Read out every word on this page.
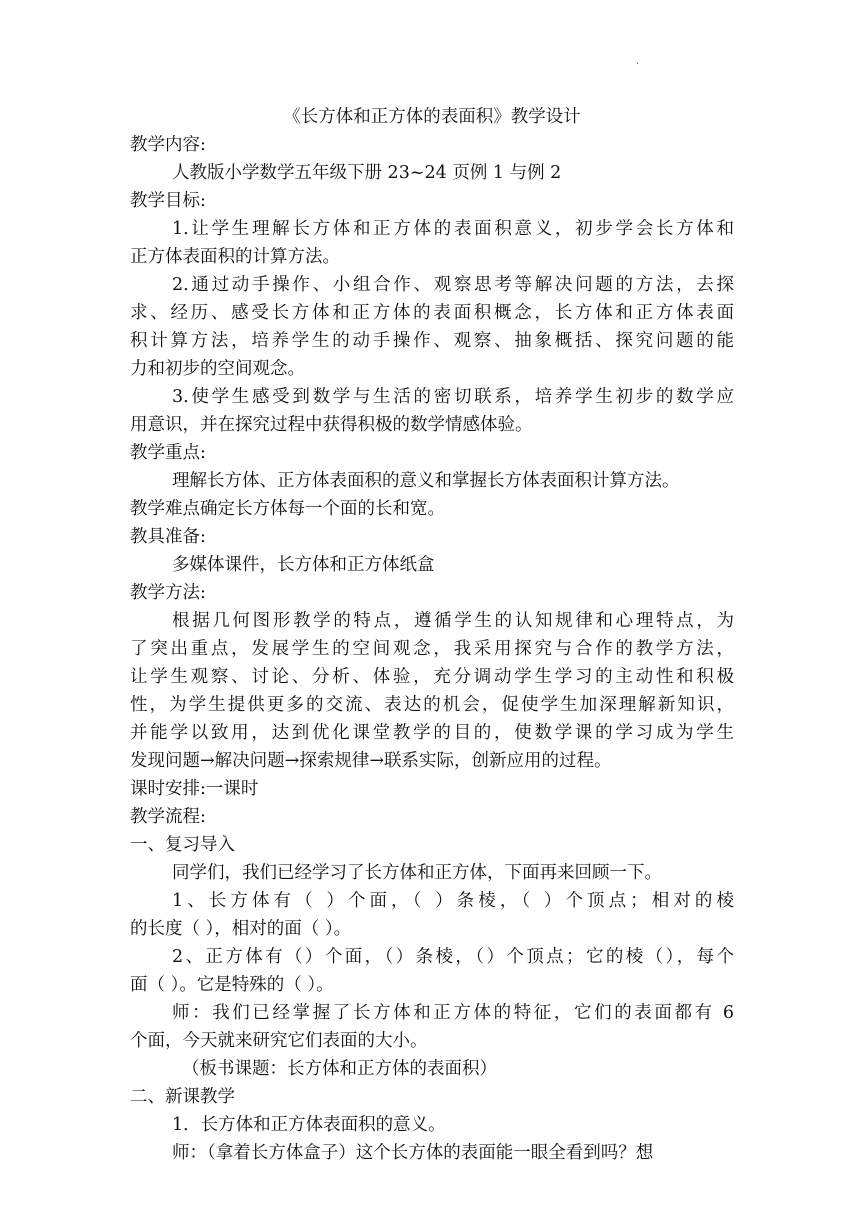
.
《长方体和正方体的表面积》教学设计
教学内容:
人教版小学数学五年级下册 23~24 页例 1 与例 2
教学目标:
1.让学生理解长方体和正方体的表面积意义，初步学会长方体和
正方体表面积的计算方法。
2.通过动手操作、小组合作、观察思考等解决问题的方法，去探
求、经历、感受长方体和正方体的表面积概念，长方体和正方体表面
积计算方法，培养学生的动手操作、观察、抽象概括、探究问题的能
力和初步的空间观念。
3.使学生感受到数学与生活的密切联系，培养学生初步的数学应
用意识，并在探究过程中获得积极的数学情感体验。
教学重点:
理解长方体、正方体表面积的意义和掌握长方体表面积计算方法。
教学难点确定长方体每一个面的长和宽。
教具准备:
多媒体课件，长方体和正方体纸盒
教学方法:
根据几何图形教学的特点，遵循学生的认知规律和心理特点，为
了突出重点，发展学生的空间观念，我采用探究与合作的教学方法，
让学生观察、讨论、分析、体验，充分调动学生学习的主动性和积极
性，为学生提供更多的交流、表达的机会，促使学生加深理解新知识，
并能学以致用，达到优化课堂教学的目的，使数学课的学习成为学生
发现问题→解决问题→探索规律→联系实际，创新应用的过程。
课时安排:一课时
教学流程:
一、复习导入
同学们，我们已经学习了长方体和正方体，下面再来回顾一下。
1、长方体有（ ）个面，（ ）条棱，（ ）个顶点；相对的棱
的长度（ ），相对的面（ ）。
2、正方体有（）个面，（）条棱，（）个顶点；它的棱（），每个
面（ ）。它是特殊的（ ）。
师：我们已经掌握了长方体和正方体的特征，它们的表面都有 6
个面，今天就来研究它们表面的大小。
（板书课题：长方体和正方体的表面积）
二、新课教学
1．长方体和正方体表面积的意义。
师：（拿着长方体盒子）这个长方体的表面能一眼全看到吗？想
